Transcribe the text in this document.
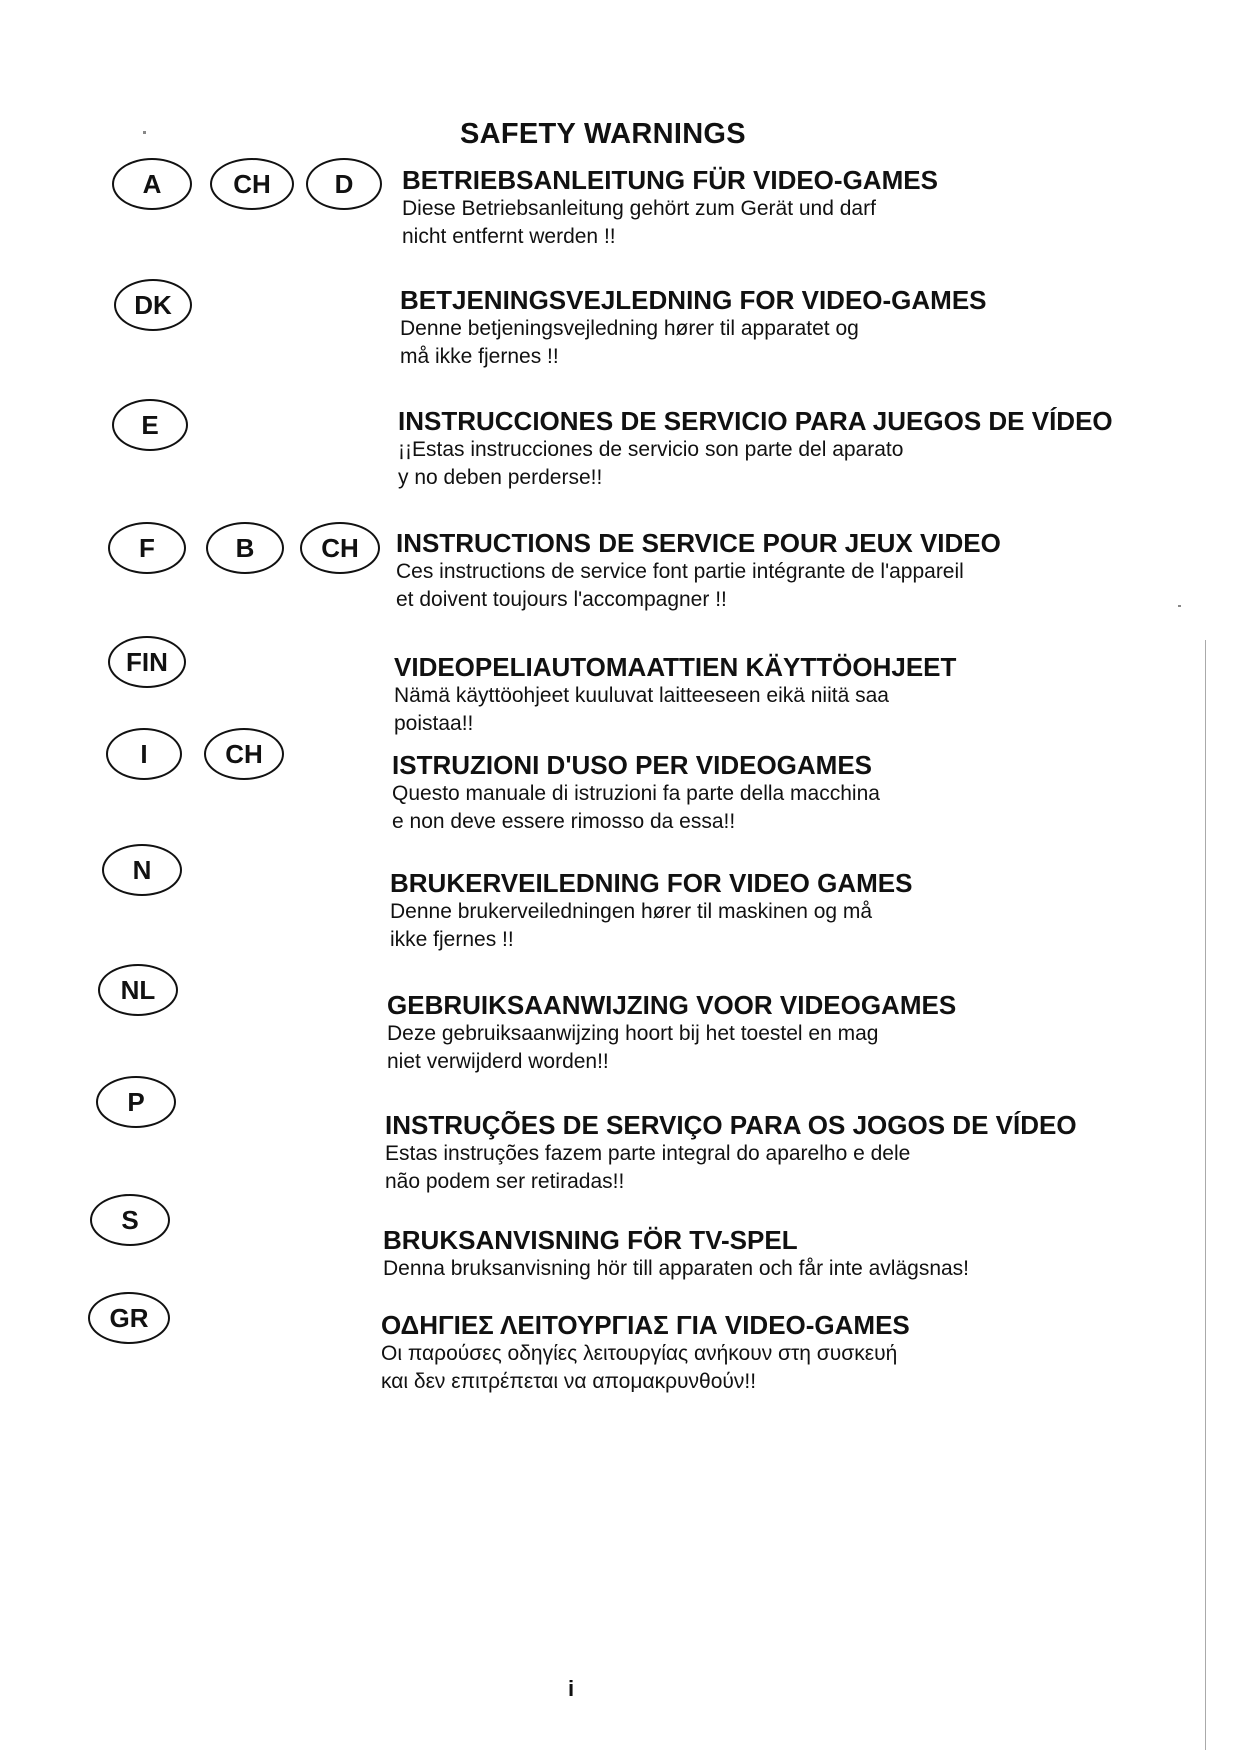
SAFETY WARNINGS
A	CH	D	BETRIEBSANLEITUNG FÜR VIDEO-GAMES
Diese Betriebsanleitung gehört zum Gerät und darf
nicht entfernt werden !!
DK	BETJENINGSVEJLEDNING FOR VIDEO-GAMES
Denne betjeningsvejledning hører til apparatet og
må ikke fjernes !!
E	INSTRUCCIONES DE SERVICIO PARA JUEGOS DE VÍDEO
¡¡Estas instrucciones de servicio son parte del aparato
y no deben perderse!!
F	B	CH	INSTRUCTIONS DE SERVICE POUR JEUX VIDEO
Ces instructions de service font partie intégrante de l'appareil
et doivent toujours l'accompagner !!
FIN	VIDEOPELIAUTOMAATTIEN KÄYTTÖOHJEET
Nämä käyttöohjeet kuuluvat laitteeseen eikä niitä saa
poistaa!!
I	CH	ISTRUZIONI D'USO PER VIDEOGAMES
Questo manuale di istruzioni fa parte della macchina
e non deve essere rimosso da essa!!
N	BRUKERVEILEDNING FOR VIDEO GAMES
Denne brukerveiledningen hører til maskinen og må
ikke fjernes !!
NL
GEBRUIKSAANWIJZING VOOR VIDEOGAMES
Deze gebruiksaanwijzing hoort bij het toestel en mag
niet verwijderd worden!!
P
INSTRUÇÕES DE SERVIÇO PARA OS JOGOS DE VÍDEO
Estas instruções fazem parte integral do aparelho e dele
não podem ser retiradas!!
S
BRUKSANVISNING FÖR TV-SPEL
Denna bruksanvisning hör till apparaten och får inte avlägsnas!
GR	ΟΔΗΓΙΕΣ ΛΕΙΤΟΥΡΓΙΑΣ ΓΙΑ VIDEO-GAMES
Οι παρούσες οδηγίες λειτουργίας ανήκουν στη συσκευή
και δεν επιτρέπεται να απομακρυνθούν!!
i
